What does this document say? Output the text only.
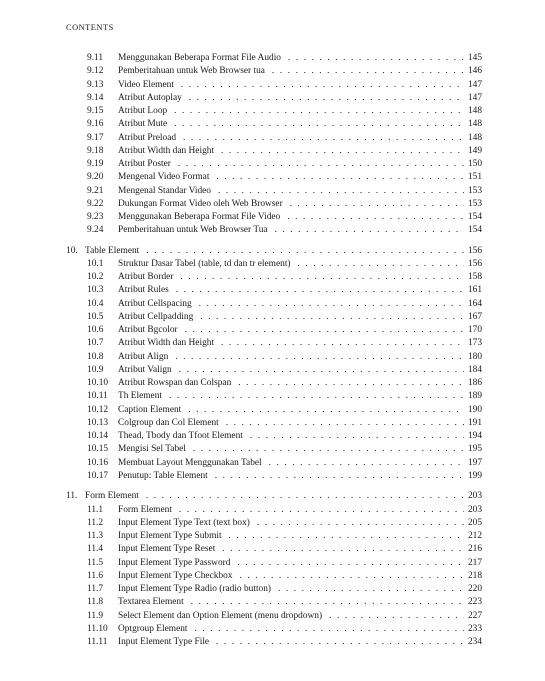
CONTENTS
9.11 Menggunakan Beberapa Format File Audio . . .	145
9.12 Pemberitahuan untuk Web Browser tua . . .	146
9.13 Video Element . . .	147
9.14 Atribut Autoplay . . .	147
9.15 Atribut Loop . . .	148
9.16 Atribut Mute . . .	148
9.17 Atribut Preload . . .	148
9.18 Atribut Width dan Height . . .	149
9.19 Atribut Poster . . .	150
9.20 Mengenal Video Format . . .	151
9.21 Mengenal Standar Video . . .	153
9.22 Dukungan Format Video oleh Web Browser . . .	153
9.23 Menggunakan Beberapa Format File Video . . .	154
9.24 Pemberitahuan untuk Web Browser Tua . . .	154
10. Table Element . . .	156
10.1 Struktur Dasar Tabel (table, td dan tr element) . . .	156
10.2 Atribut Border . . .	158
10.3 Atribut Rules . . .	161
10.4 Atribut Cellspacing . . .	164
10.5 Atribut Cellpadding . . .	167
10.6 Atribut Bgcolor . . .	170
10.7 Atribut Width dan Height . . .	173
10.8 Atribut Align . . .	180
10.9 Atribut Valign . . .	184
10.10 Atribut Rowspan dan Colspan . . .	186
10.11 Th Element . . .	189
10.12 Caption Element . . .	190
10.13 Colgroup dan Col Element . . .	191
10.14 Thead, Tbody dan Tfoot Element . . .	194
10.15 Mengisi Sel Tabel . . .	195
10.16 Membuat Layout Menggunakan Tabel . . .	197
10.17 Penutup: Table Element . . .	199
11. Form Element . . .	203
11.1 Form Element . . .	203
11.2 Input Element Type Text (text box) . . .	205
11.3 Input Element Type Submit . . .	212
11.4 Input Element Type Reset . . .	216
11.5 Input Element Type Password . . .	217
11.6 Input Element Type Checkbox . . .	218
11.7 Input Element Type Radio (radio button) . . .	220
11.8 Textarea Element . . .	223
11.9 Select Element dan Option Element (menu dropdown) . . .	227
11.10 Optgroup Element . . .	233
11.11 Input Element Type File . . .	234
